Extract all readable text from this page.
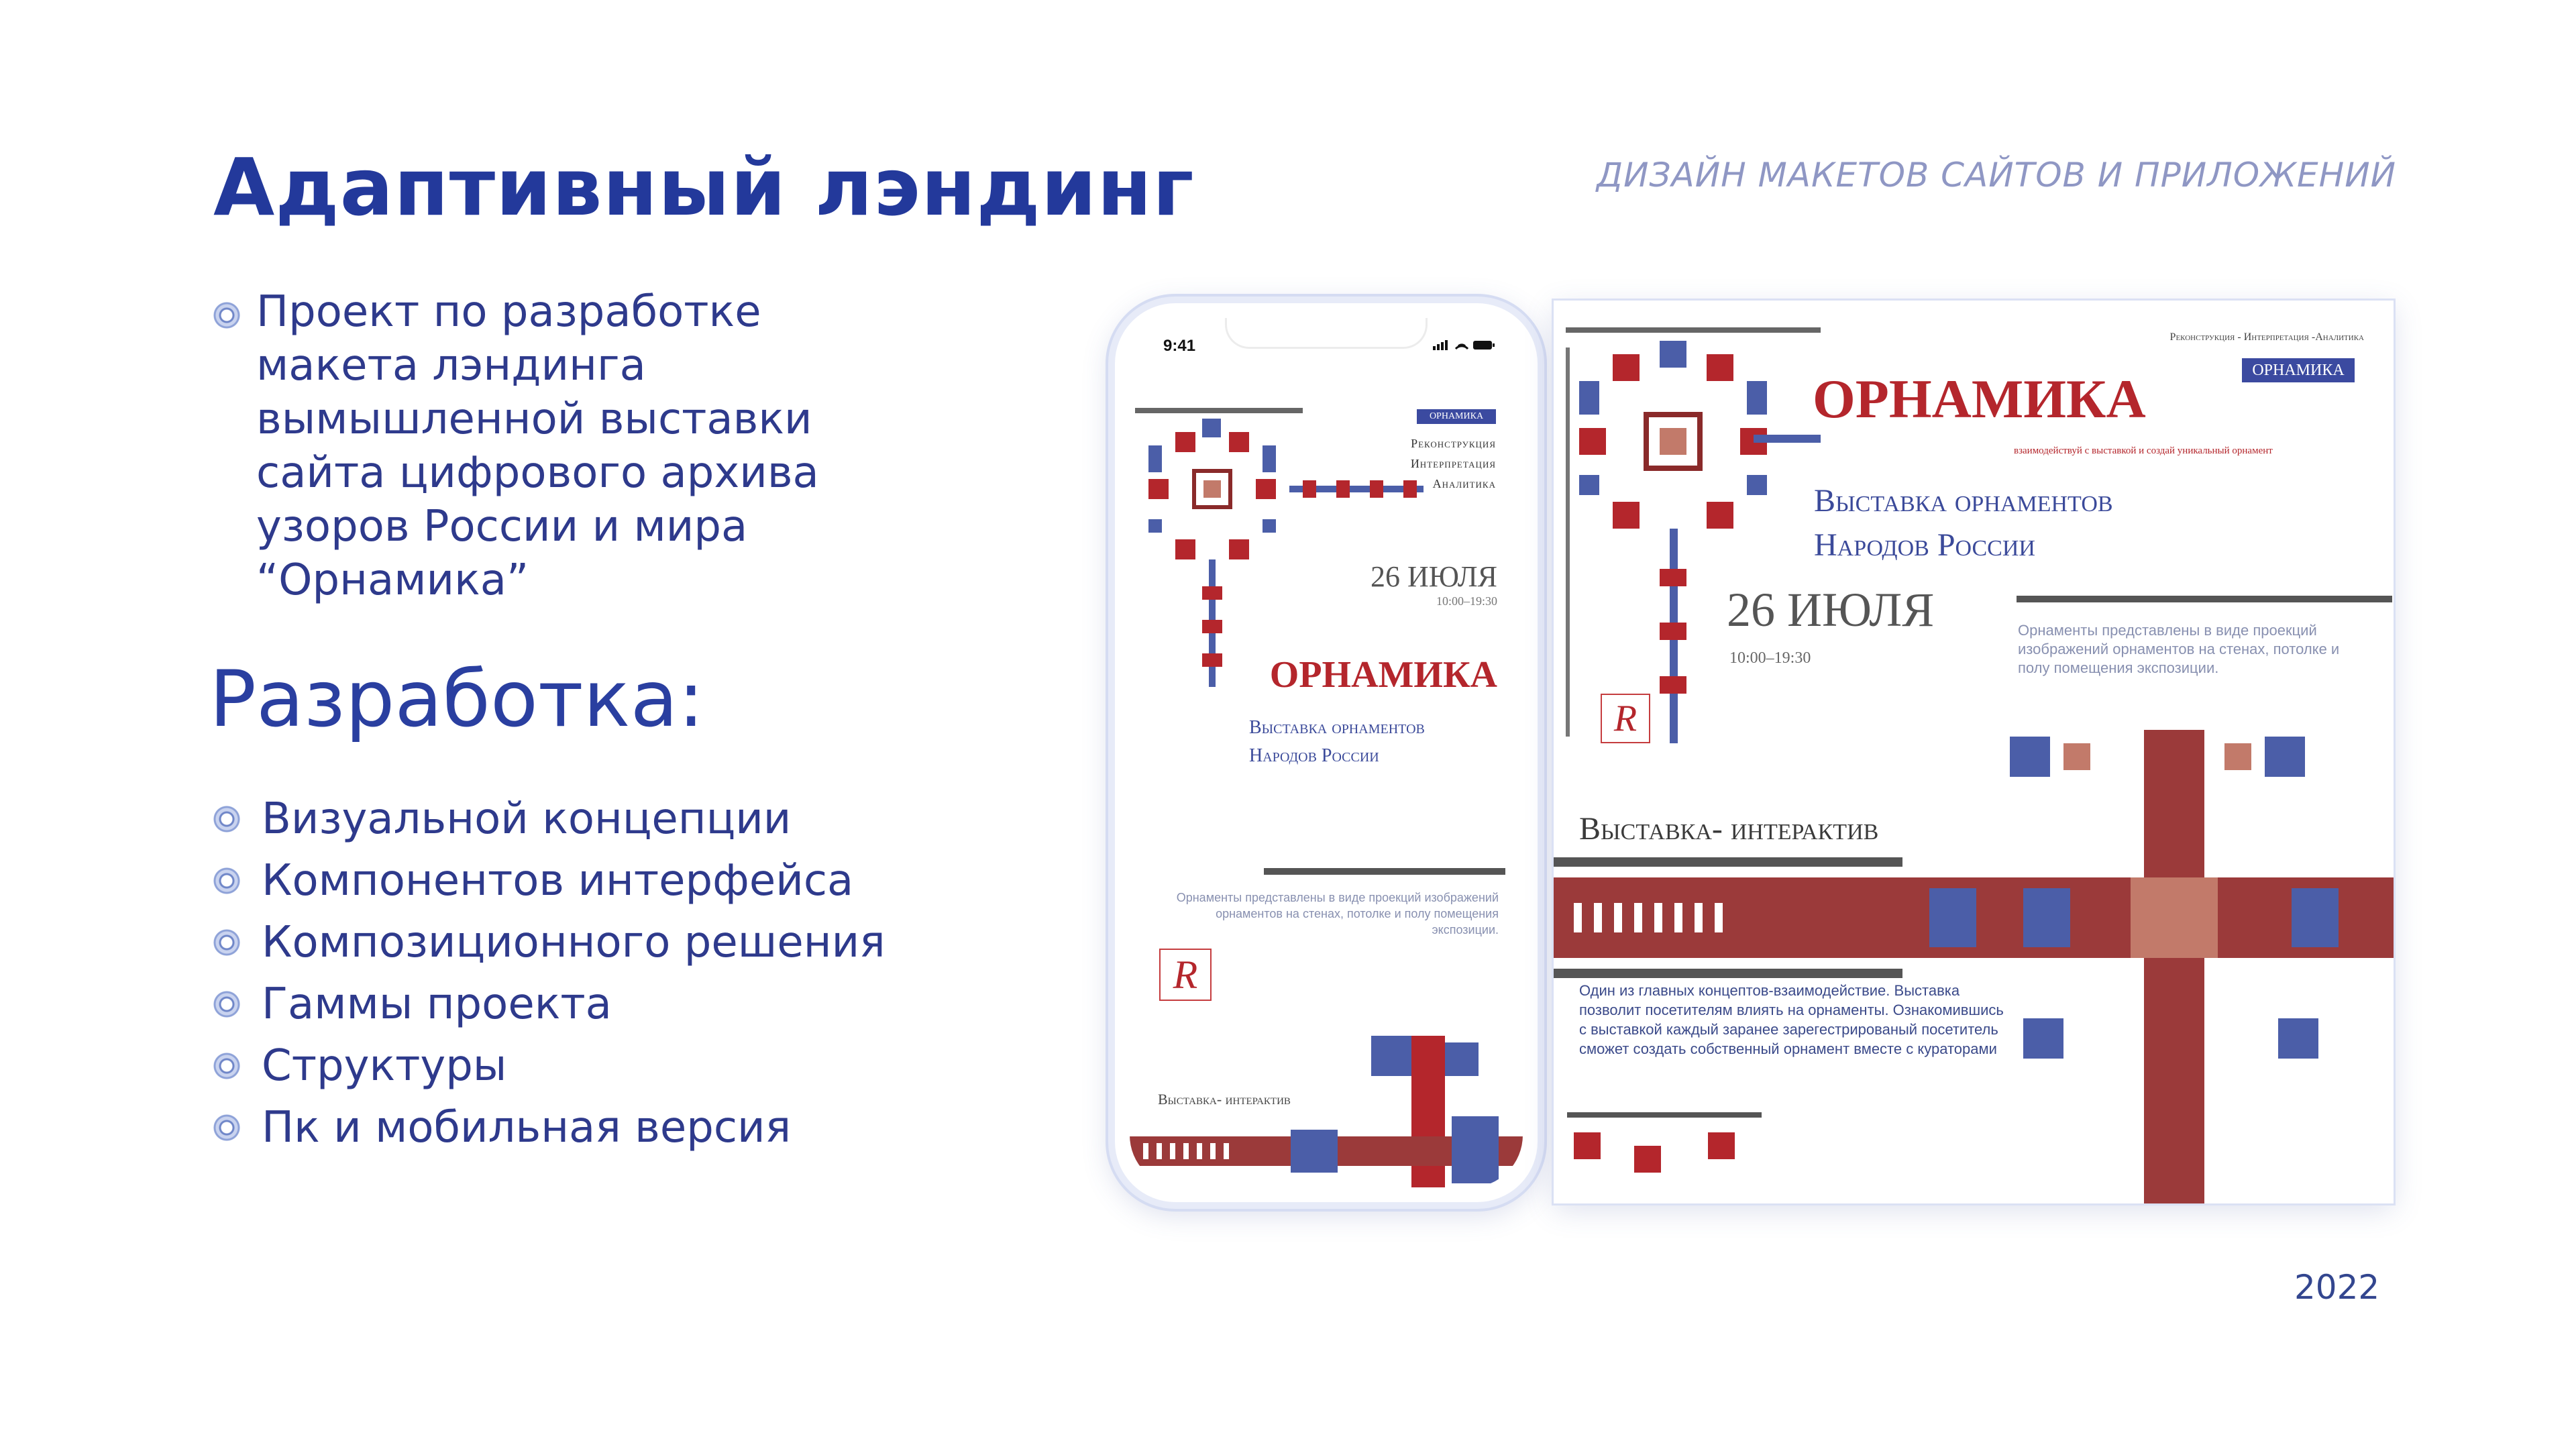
Адаптивный лэндинг	ДИЗАЙН МАКЕТОВ САЙТОВ И ПРИЛОЖЕНИЙ
Проект по разработке макета лэндинга вымышленной выставки сайта цифрового архива узоров России и мира “Орнамика”
Разработка:
Визуальной концепции
Компонентов интерфейса
Композиционного решения
Гаммы проекта
Структуры
Пк и мобильная версия
2022
9:41
ОРНАМИКА
Реконструкция
Интерпретация
Аналитика
26 ИЮЛЯ
10:00–19:30
ОРНАМИКА
Выставка орнаментов
Народов России
Орнаменты представлены в виде проекций изображений орнаментов на стенах, потолке и полу помещения экспозиции.
R
Выставка- интерактив
Реконструкция - Интерпретация -Аналитика
ОРНАМИКА
ОРНАМИКА
взаимодействуй с выставкой и создай уникальный орнамент
Выставка орнаментов
Народов России
26 ИЮЛЯ
10:00–19:30
Орнаменты представлены в виде проекций изображений орнаментов на стенах, потолке и полу помещения экспозиции.
R
Выставка- интерактив
Один из главных концептов-взаимодействие. Выставка позволит посетителям влиять на орнаменты. Ознакомившись с выставкой каждый заранее зарегестрированый посетитель сможет создать собственный орнамент вместе с кураторами
